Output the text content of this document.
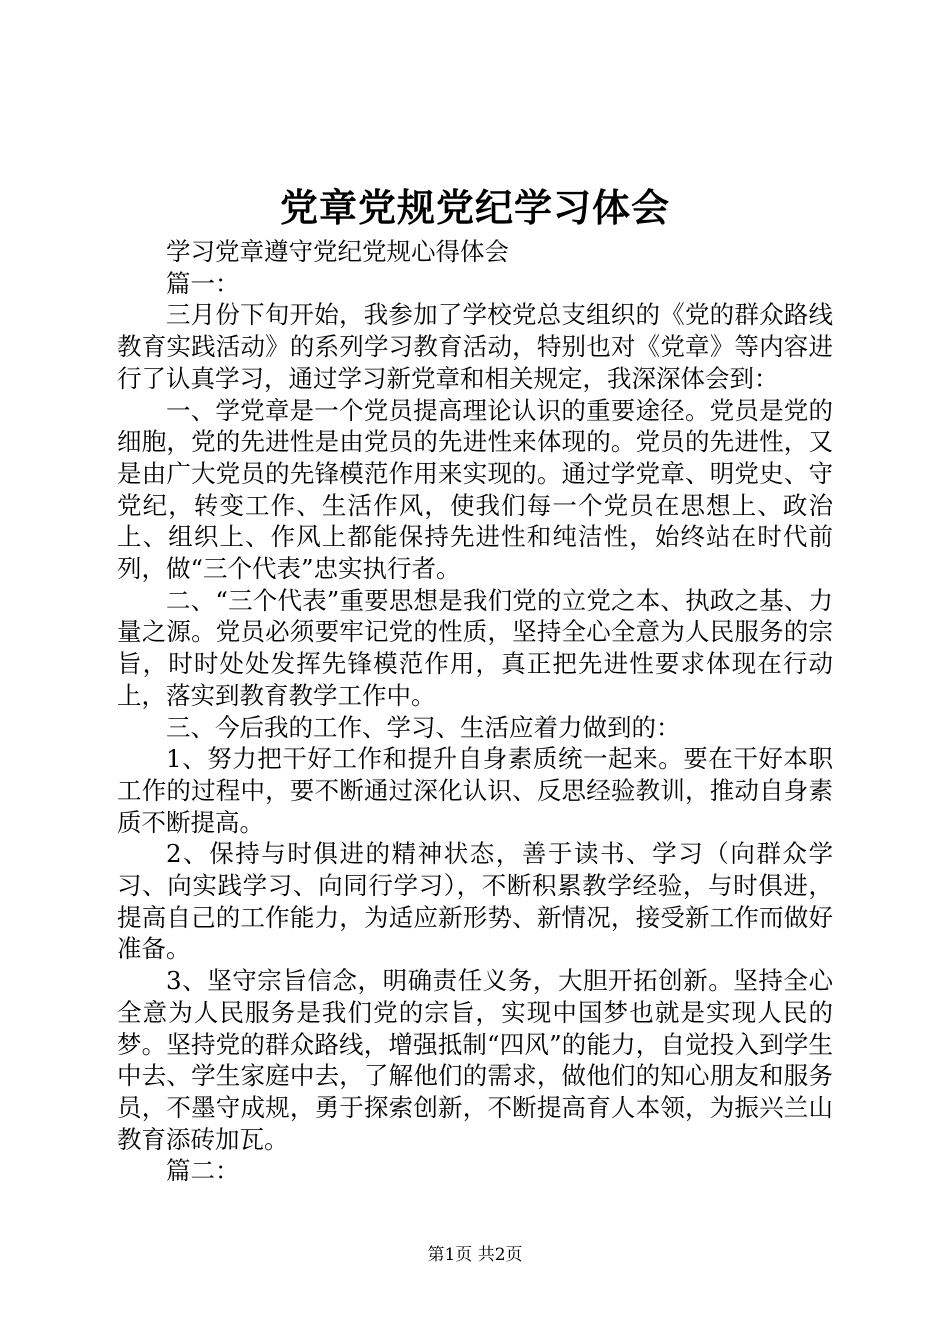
党章党规党纪学习体会

学习党章遵守党纪党规心得体会

篇一：

三月份下旬开始，我参加了学校党总支组织的《党的群众路线教育实践活动》的系列学习教育活动，特别也对《党章》等内容进行了认真学习，通过学习新党章和相关规定，我深深体会到：

一、学党章是一个党员提高理论认识的重要途径。党员是党的细胞，党的先进性是由党员的先进性来体现的。党员的先进性，又是由广大党员的先锋模范作用来实现的。通过学党章、明党史、守党纪，转变工作、生活作风，使我们每一个党员在思想上、政治上、组织上、作风上都能保持先进性和纯洁性，始终站在时代前列，做“三个代表”忠实执行者。

二、“三个代表”重要思想是我们党的立党之本、执政之基、力量之源。党员必须要牢记党的性质，坚持全心全意为人民服务的宗旨，时时处处发挥先锋模范作用，真正把先进性要求体现在行动上，落实到教育教学工作中。

三、今后我的工作、学习、生活应着力做到的：

1、努力把干好工作和提升自身素质统一起来。要在干好本职工作的过程中，要不断通过深化认识、反思经验教训，推动自身素质不断提高。

2、保持与时俱进的精神状态，善于读书、学习（向群众学习、向实践学习、向同行学习），不断积累教学经验，与时俱进，提高自己的工作能力，为适应新形势、新情况，接受新工作而做好准备。

3、坚守宗旨信念，明确责任义务，大胆开拓创新。坚持全心全意为人民服务是我们党的宗旨，实现中国梦也就是实现人民的梦。坚持党的群众路线，增强抵制“四风”的能力，自觉投入到学生中去、学生家庭中去，了解他们的需求，做他们的知心朋友和服务员，不墨守成规，勇于探索创新，不断提高育人本领，为振兴兰山教育添砖加瓦。

篇二：

第1页 共2页
